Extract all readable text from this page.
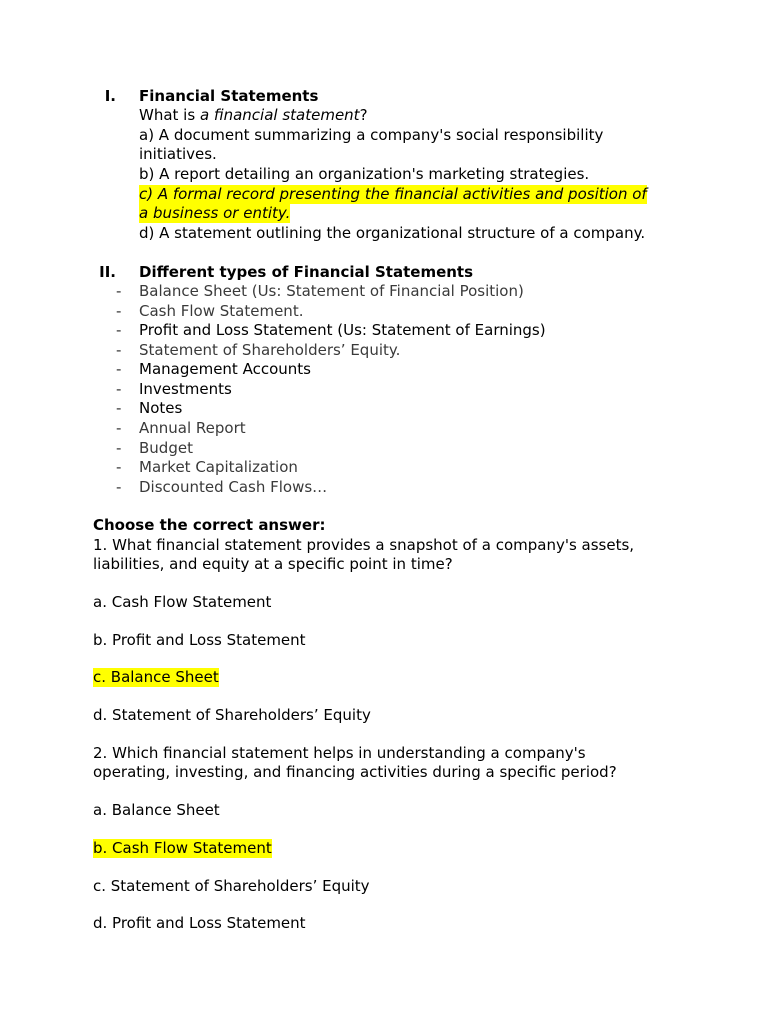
I. Financial Statements
What is a financial statement?
a) A document summarizing a company's social responsibility
initiatives.
b) A report detailing an organization's marketing strategies.
c) A formal record presenting the financial activities and position of
a business or entity.
d) A statement outlining the organizational structure of a company.
II. Different types of Financial Statements
- Balance Sheet (Us: Statement of Financial Position)
- Cash Flow Statement.
- Profit and Loss Statement (Us: Statement of Earnings)
- Statement of Shareholders’ Equity.
- Management Accounts
- Investments
- Notes
- Annual Report
- Budget
- Market Capitalization
- Discounted Cash Flows…
Choose the correct answer:
1. What financial statement provides a snapshot of a company's assets,
liabilities, and equity at a specific point in time?
a. Cash Flow Statement
b. Profit and Loss Statement
c. Balance Sheet
d. Statement of Shareholders’ Equity
2. Which financial statement helps in understanding a company's
operating, investing, and financing activities during a specific period?
a. Balance Sheet
b. Cash Flow Statement
c. Statement of Shareholders’ Equity
d. Profit and Loss Statement
